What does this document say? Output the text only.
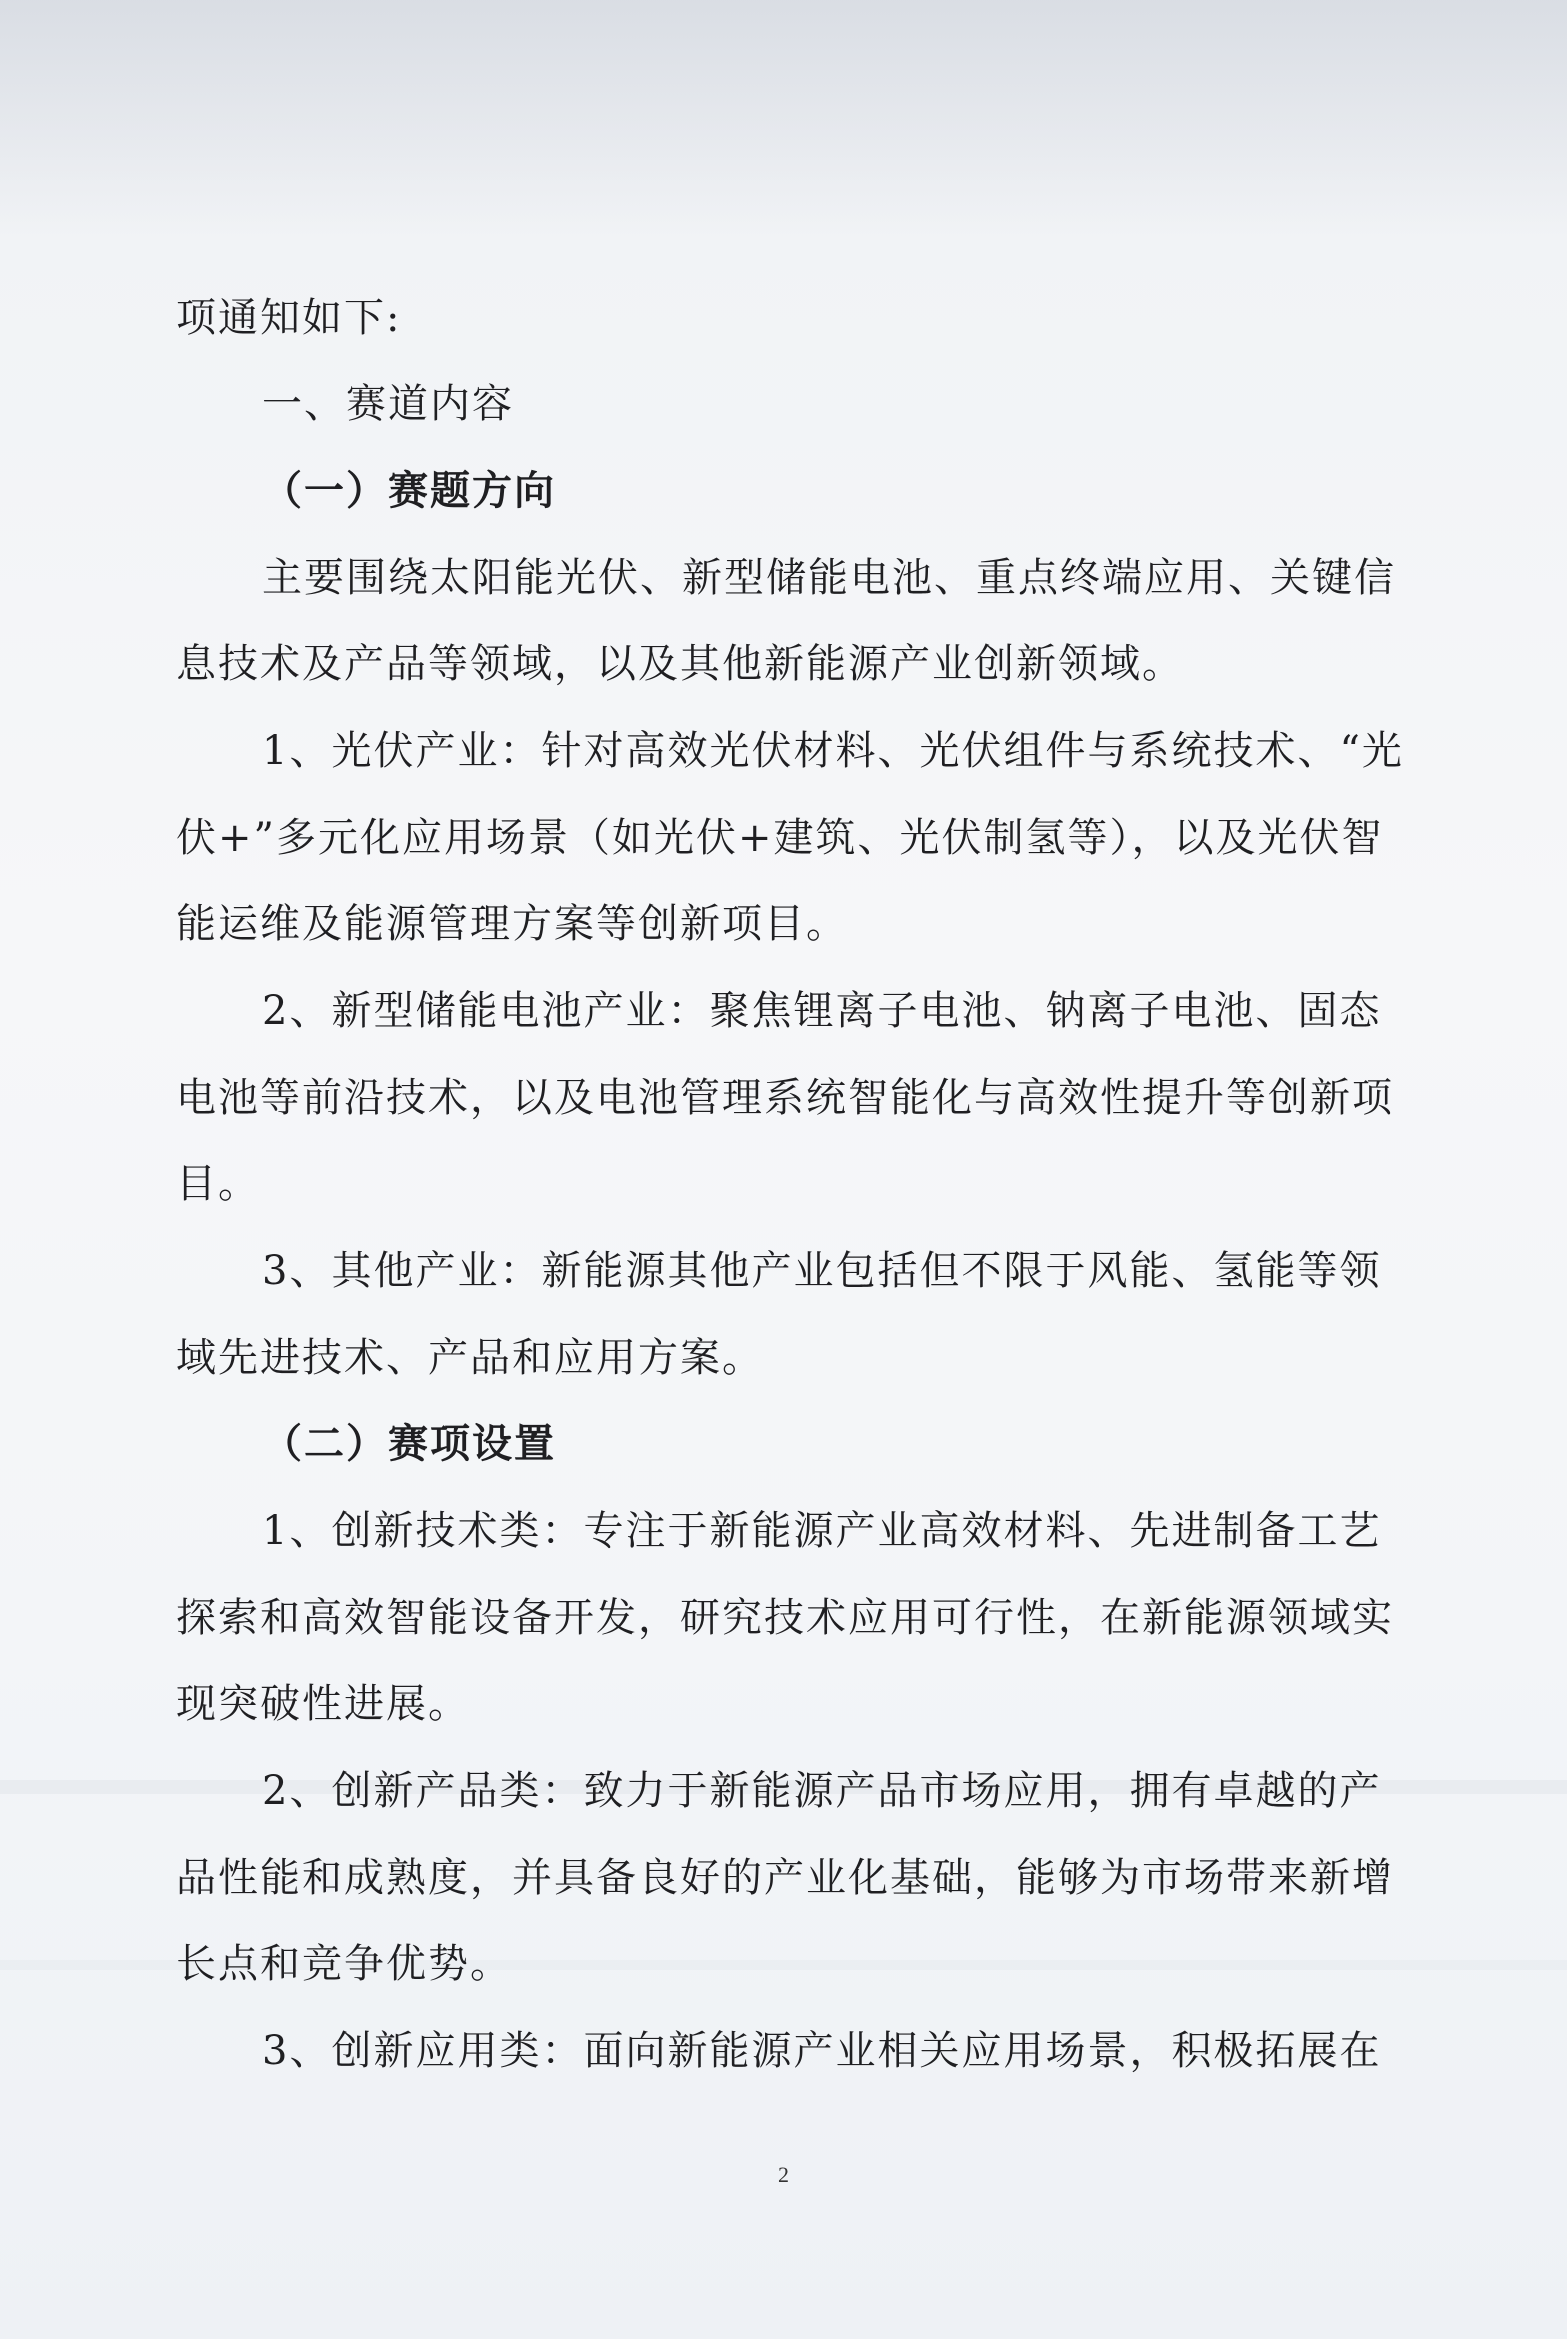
项通知如下:
一、赛道内容
（一）赛题方向
主要围绕太阳能光伏、新型储能电池、重点终端应用、关键信
息技术及产品等领域，以及其他新能源产业创新领域。
1、光伏产业：针对高效光伏材料、光伏组件与系统技术、“光
伏+”多元化应用场景（如光伏+建筑、光伏制氢等），以及光伏智
能运维及能源管理方案等创新项目。
2、新型储能电池产业：聚焦锂离子电池、钠离子电池、固态
电池等前沿技术，以及电池管理系统智能化与高效性提升等创新项
目。
3、其他产业：新能源其他产业包括但不限于风能、氢能等领
域先进技术、产品和应用方案。
（二）赛项设置
1、创新技术类：专注于新能源产业高效材料、先进制备工艺
探索和高效智能设备开发，研究技术应用可行性，在新能源领域实
现突破性进展。
2、创新产品类：致力于新能源产品市场应用，拥有卓越的产
品性能和成熟度，并具备良好的产业化基础，能够为市场带来新增
长点和竞争优势。
3、创新应用类：面向新能源产业相关应用场景，积极拓展在
2
